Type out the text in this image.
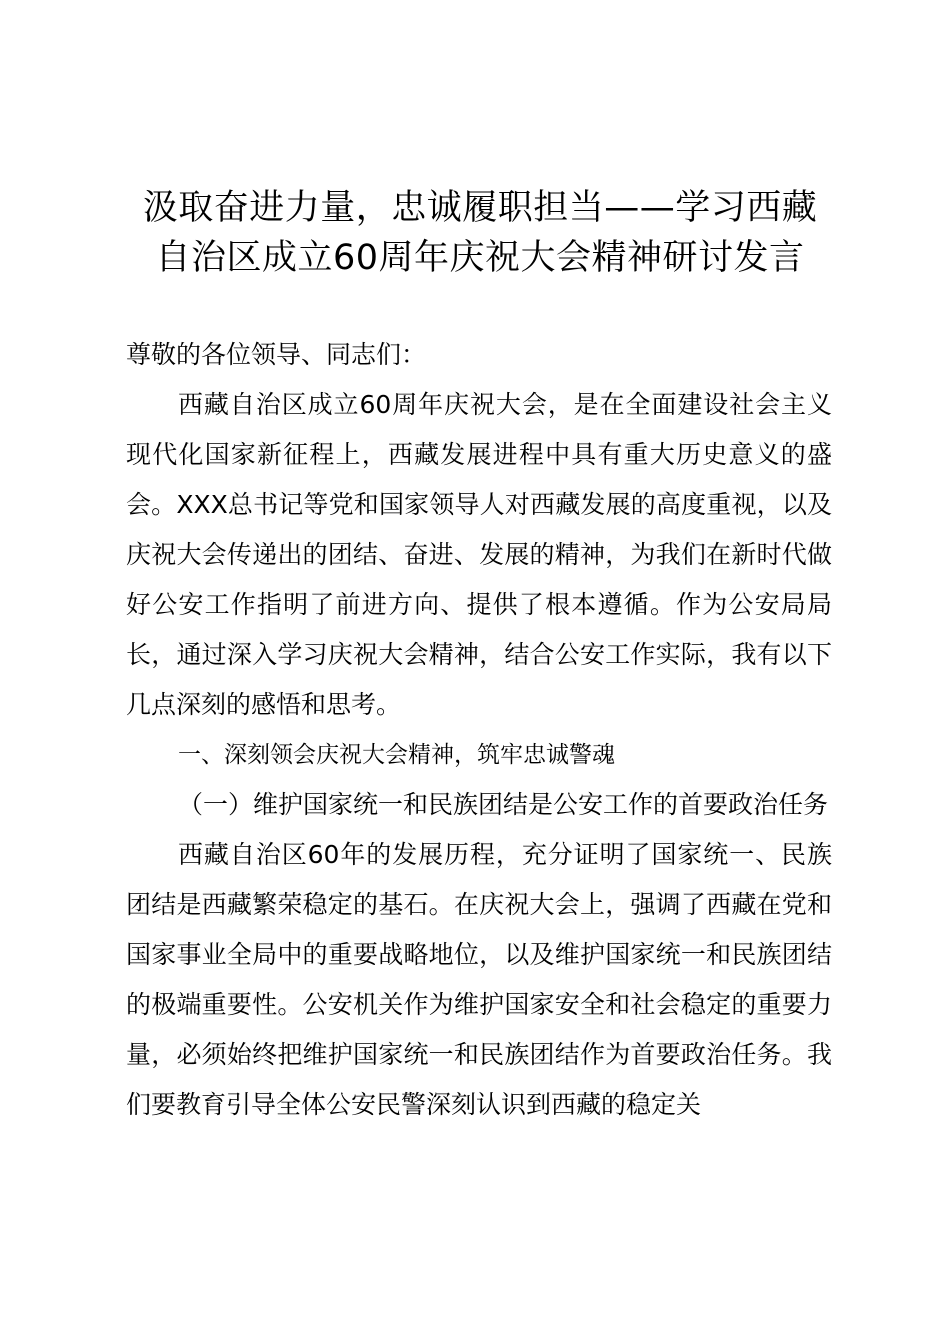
汲取奋进力量，忠诚履职担当——学习西藏
自治区成立60周年庆祝大会精神研讨发言

尊敬的各位领导、同志们：

西藏自治区成立60周年庆祝大会，是在全面建设社会主义现代化国家新征程上，西藏发展进程中具有重大历史意义的盛会。XXX总书记等党和国家领导人对西藏发展的高度重视，以及庆祝大会传递出的团结、奋进、发展的精神，为我们在新时代做好公安工作指明了前进方向、提供了根本遵循。作为公安局局长，通过深入学习庆祝大会精神，结合公安工作实际，我有以下几点深刻的感悟和思考。

一、深刻领会庆祝大会精神，筑牢忠诚警魂

（一）维护国家统一和民族团结是公安工作的首要政治任务

西藏自治区60年的发展历程，充分证明了国家统一、民族团结是西藏繁荣稳定的基石。在庆祝大会上，强调了西藏在党和国家事业全局中的重要战略地位，以及维护国家统一和民族团结的极端重要性。公安机关作为维护国家安全和社会稳定的重要力量，必须始终把维护国家统一和民族团结作为首要政治任务。我们要教育引导全体公安民警深刻认识到西藏的稳定关
